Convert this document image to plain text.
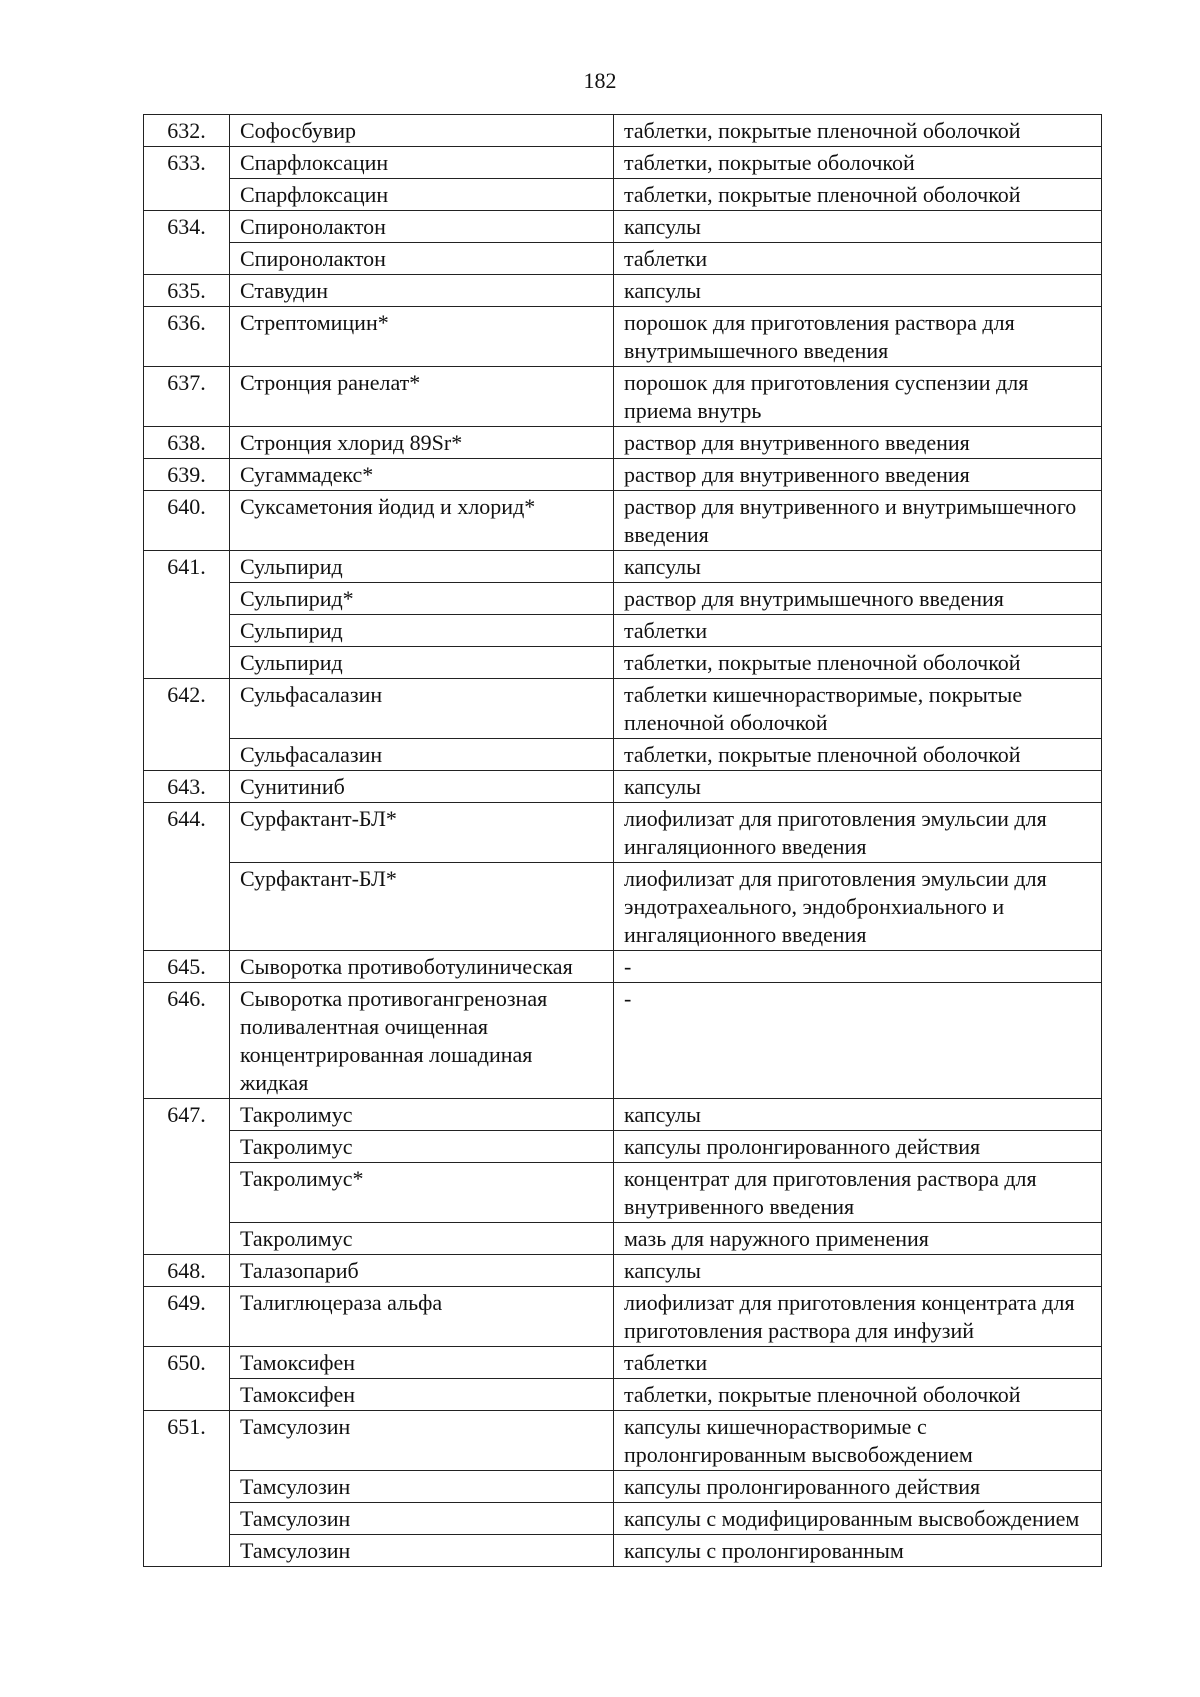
182
632.	Софосбувир	таблетки, покрытые пленочной оболочкой
633.	Спарфлоксацин	таблетки, покрытые оболочкой
	Спарфлоксацин	таблетки, покрытые пленочной оболочкой
634.	Спиронолактон	капсулы
	Спиронолактон	таблетки
635.	Ставудин	капсулы
636.	Стрептомицин*	порошок для приготовления раствора для внутримышечного введения
637.	Стронция ранелат*	порошок для приготовления суспензии для приема внутрь
638.	Стронция хлорид 89Sr*	раствор для внутривенного введения
639.	Сугаммадекс*	раствор для внутривенного введения
640.	Суксаметония йодид и хлорид*	раствор для внутривенного и внутримышечного введения
641.	Сульпирид	капсулы
	Сульпирид*	раствор для внутримышечного введения
	Сульпирид	таблетки
	Сульпирид	таблетки, покрытые пленочной оболочкой
642.	Сульфасалазин	таблетки кишечнорастворимые, покрытые пленочной оболочкой
	Сульфасалазин	таблетки, покрытые пленочной оболочкой
643.	Сунитиниб	капсулы
644.	Сурфактант-БЛ*	лиофилизат для приготовления эмульсии для ингаляционного введения
	Сурфактант-БЛ*	лиофилизат для приготовления эмульсии для эндотрахеального, эндобронхиального и ингаляционного введения
645.	Сыворотка противоботулиническая	-
646.	Сыворотка противогангренозная поливалентная очищенная концентрированная лошадиная жидкая	-
647.	Такролимус	капсулы
	Такролимус	капсулы пролонгированного действия
	Такролимус*	концентрат для приготовления раствора для внутривенного введения
	Такролимус	мазь для наружного применения
648.	Талазопариб	капсулы
649.	Талиглюцераза альфа	лиофилизат для приготовления концентрата для приготовления раствора для инфузий
650.	Тамоксифен	таблетки
	Тамоксифен	таблетки, покрытые пленочной оболочкой
651.	Тамсулозин	капсулы кишечнорастворимые с пролонгированным высвобождением
	Тамсулозин	капсулы пролонгированного действия
	Тамсулозин	капсулы с модифицированным высвобождением
	Тамсулозин	капсулы с пролонгированным
